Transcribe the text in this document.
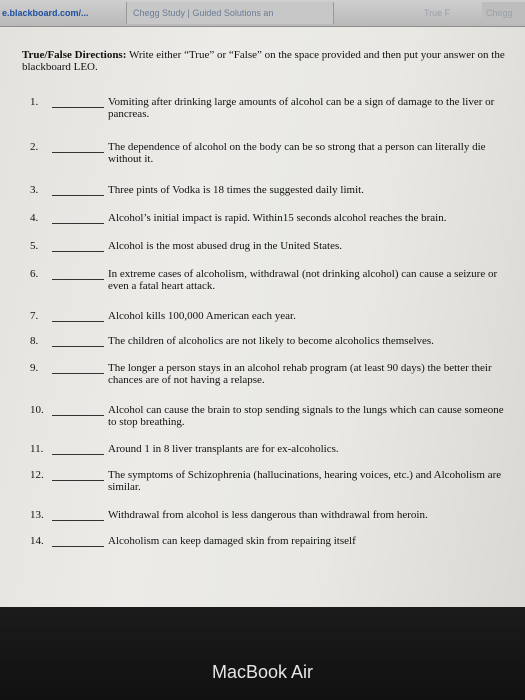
e.blackboard.com/...	Chegg Study | Guided Solutions an	True F	Chegg
True/False Directions: Write either “True” or “False” on the space provided and then put your answer on the blackboard LEO.
1.	Vomiting after drinking large amounts of alcohol can be a sign of damage to the liver or pancreas.
2.	The dependence of alcohol on the body can be so strong that a person can literally die without it.
3.	Three pints of Vodka is 18 times the suggested daily limit.
4.	Alcohol’s initial impact is rapid. Within15 seconds alcohol reaches the brain.
5.	Alcohol is the most abused drug in the United States.
6.	In extreme cases of alcoholism, withdrawal (not drinking alcohol) can cause a seizure or even a fatal heart attack.
7.	Alcohol kills 100,000 American each year.
8.	The children of alcoholics are not likely to become alcoholics themselves.
9.	The longer a person stays in an alcohol rehab program (at least 90 days) the better their chances are of not having a relapse.
10.	Alcohol can cause the brain to stop sending signals to the lungs which can cause someone to stop breathing.
11.	Around 1 in 8 liver transplants are for ex-alcoholics.
12.	The symptoms of Schizophrenia (hallucinations, hearing voices, etc.) and Alcoholism are similar.
13.	Withdrawal from alcohol is less dangerous than withdrawal from heroin.
14.	Alcoholism can keep damaged skin from repairing itself
MacBook Air
